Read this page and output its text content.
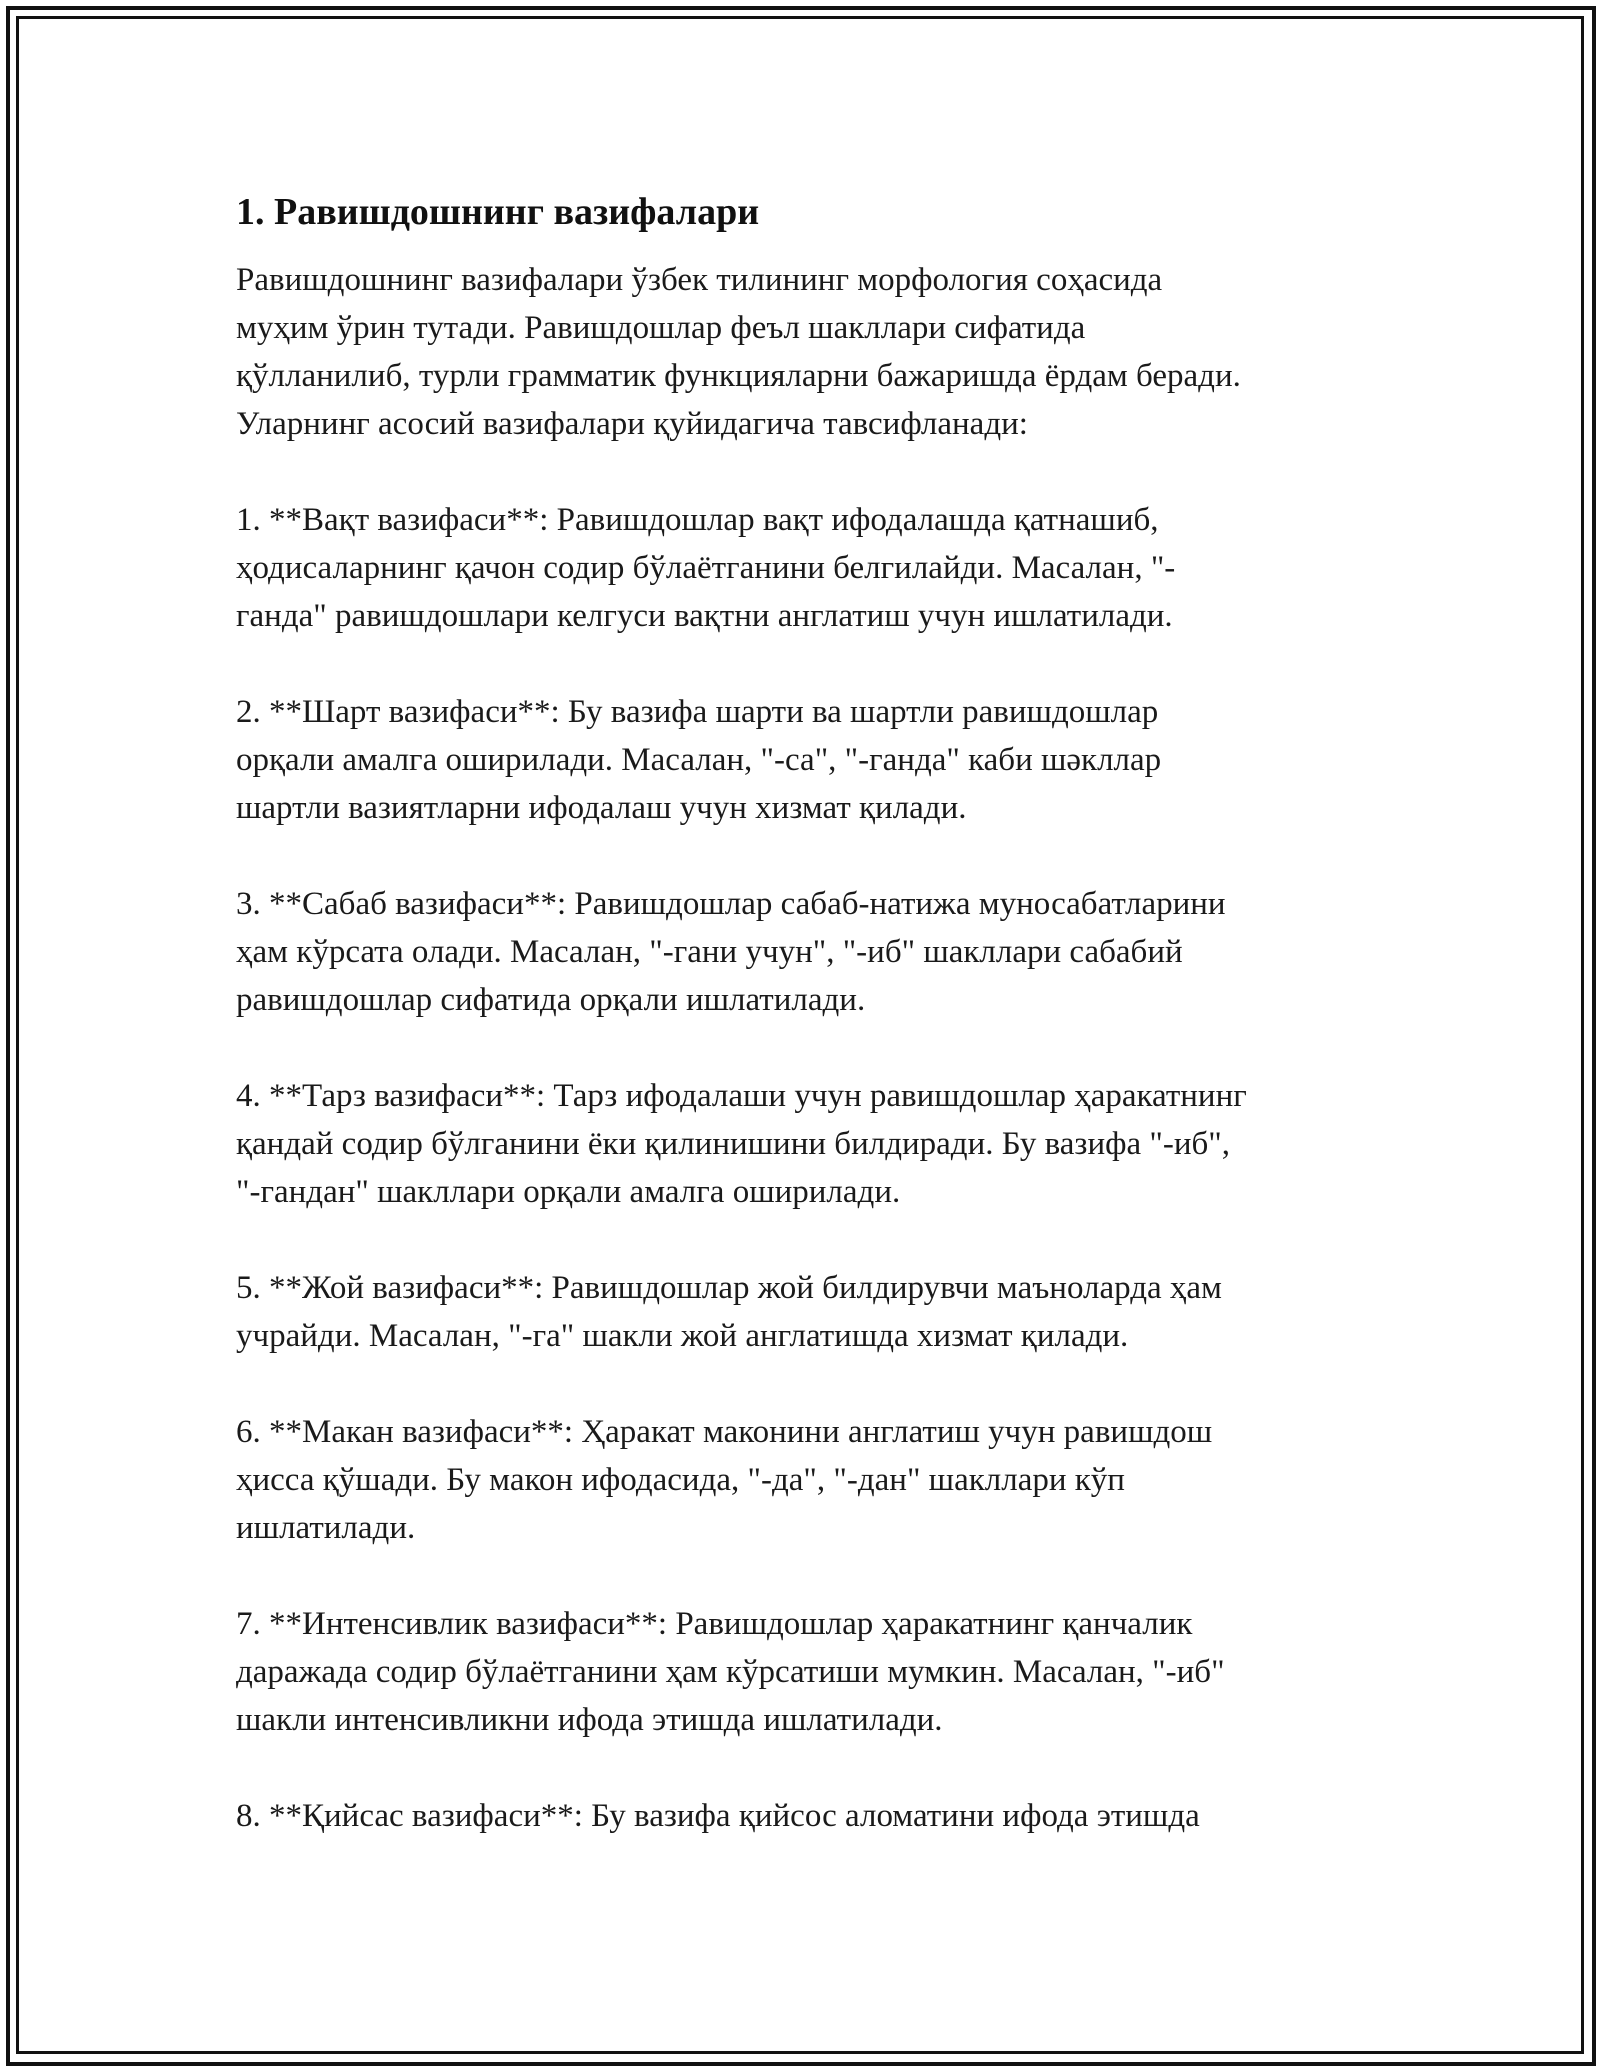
1. Равишдошнинг вазифалари

Равишдошнинг вазифалари ўзбек тилининг морфология соҳасида
муҳим ўрин тутади. Равишдошлар феъл шакллари сифатида
қўлланилиб, турли грамматик функцияларни бажаришда ёрдам беради.
Уларнинг асосий вазифалари қуйидагича тавсифланади:

1. **Вақт вазифаси**: Равишдошлар вақт ифодалашда қатнашиб,
ҳодисаларнинг қачон содир бўлаётганини белгилайди. Масалан, "-
ганда" равишдошлари келгуси вақтни англатиш учун ишлатилади.

2. **Шарт вазифаси**: Бу вазифа шарти ва шартли равишдошлар
орқали амалга оширилади. Масалан, "-са", "-ганда" каби шәкллар
шартли вазиятларни ифодалаш учун хизмат қилади.

3. **Сабаб вазифаси**: Равишдошлар сабаб-натижа муносабатларини
ҳам кўрсата олади. Масалан, "-гани учун", "-иб" шакллари сабабий
равишдошлар сифатида орқали ишлатилади.

4. **Тарз вазифаси**: Тарз ифодалаши учун равишдошлар ҳаракатнинг
қандай содир бўлганини ёки қилинишини билдиради. Бу вазифа "-иб",
"-гандан" шакллари орқали амалга оширилади.

5. **Жой вазифаси**: Равишдошлар жой билдирувчи маъноларда ҳам
учрайди. Масалан, "-га" шакли жой англатишда хизмат қилади.

6. **Макан вазифаси**: Ҳаракат маконини англатиш учун равишдош
ҳисса қўшади. Бу макон ифодасида, "-да", "-дан" шакллари кўп
ишлатилади.

7. **Интенсивлик вазифаси**: Равишдошлар ҳаракатнинг қанчалик
даражада содир бўлаётганини ҳам кўрсатиши мумкин. Масалан, "-иб"
шакли интенсивликни ифода этишда ишлатилади.

8. **Қийсас вазифаси**: Бу вазифа қийсос аломатини ифода этишда
